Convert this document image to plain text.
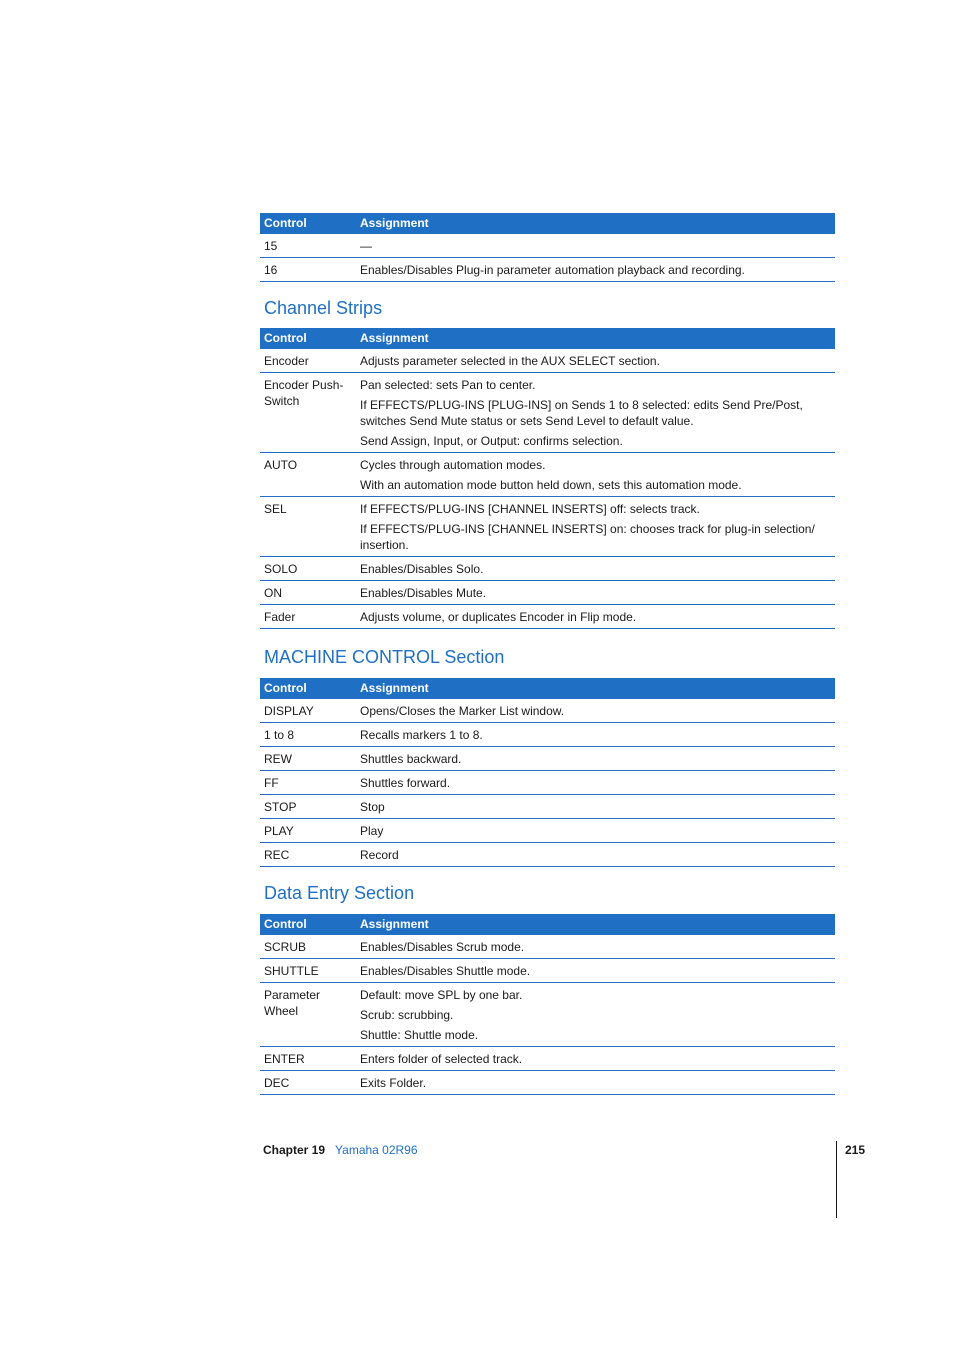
Control	Assignment
15	—

16	Enables/Disables Plug-in parameter automation playback and recording.

Channel Strips
Control	Assignment
Encoder	Adjusts parameter selected in the AUX SELECT section.

Encoder Push-Switch	Pan selected: sets Pan to center.

If EFFECTS/PLUG-INS [PLUG-INS] on Sends 1 to 8 selected: edits Send Pre/Post, switches Send Mute status or sets Send Level to default value.

Send Assign, Input, or Output: confirms selection.

AUTO	Cycles through automation modes.

With an automation mode button held down, sets this automation mode.

SEL	If EFFECTS/PLUG-INS [CHANNEL INSERTS] off: selects track.

If EFFECTS/PLUG-INS [CHANNEL INSERTS] on: chooses track for plug-in selection/ insertion.

SOLO	Enables/Disables Solo.

ON	Enables/Disables Mute.

Fader	Adjusts volume, or duplicates Encoder in Flip mode.

MACHINE CONTROL Section
Control	Assignment
DISPLAY	Opens/Closes the Marker List window.

1 to 8	Recalls markers 1 to 8.

REW	Shuttles backward.

FF	Shuttles forward.

STOP	Stop

PLAY	Play

REC	Record

Data Entry Section
Control	Assignment
SCRUB	Enables/Disables Scrub mode.

SHUTTLE	Enables/Disables Shuttle mode.

Parameter Wheel	Default: move SPL by one bar.

Scrub: scrubbing.

Shuttle: Shuttle mode.

ENTER	Enters folder of selected track.

DEC	Exits Folder.

Chapter 19 Yamaha 02R96	215
